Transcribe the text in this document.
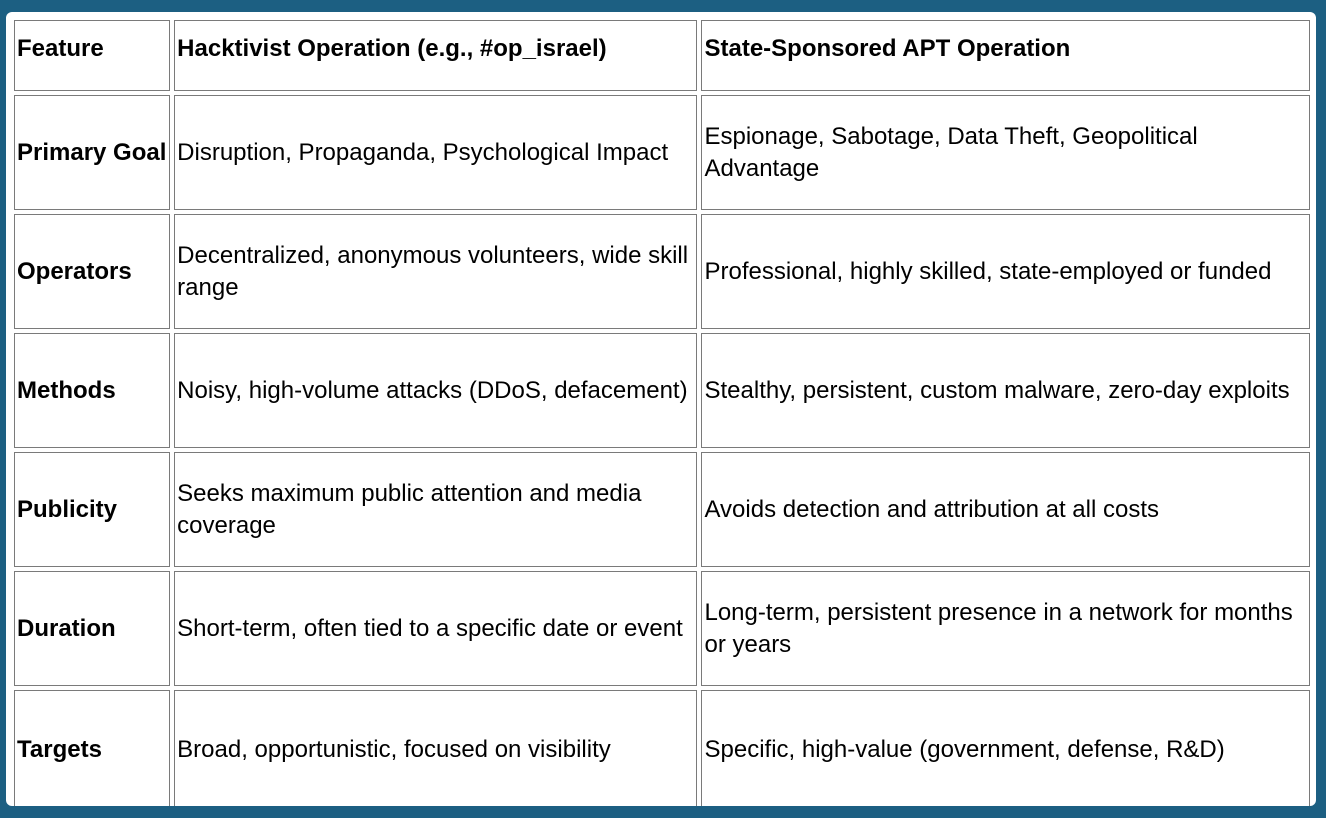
Feature	Hacktivist Operation (e.g., #op_israel)	State-Sponsored APT Operation
Primary Goal	Disruption, Propaganda, Psychological Impact	Espionage, Sabotage, Data Theft, Geopolitical Advantage
Operators	Decentralized, anonymous volunteers, wide skill range	Professional, highly skilled, state-employed or funded
Methods	Noisy, high-volume attacks (DDoS, defacement)	Stealthy, persistent, custom malware, zero-day exploits
Publicity	Seeks maximum public attention and media coverage	Avoids detection and attribution at all costs
Duration	Short-term, often tied to a specific date or event	Long-term, persistent presence in a network for months or years
Targets	Broad, opportunistic, focused on visibility	Specific, high-value (government, defense, R&D)
